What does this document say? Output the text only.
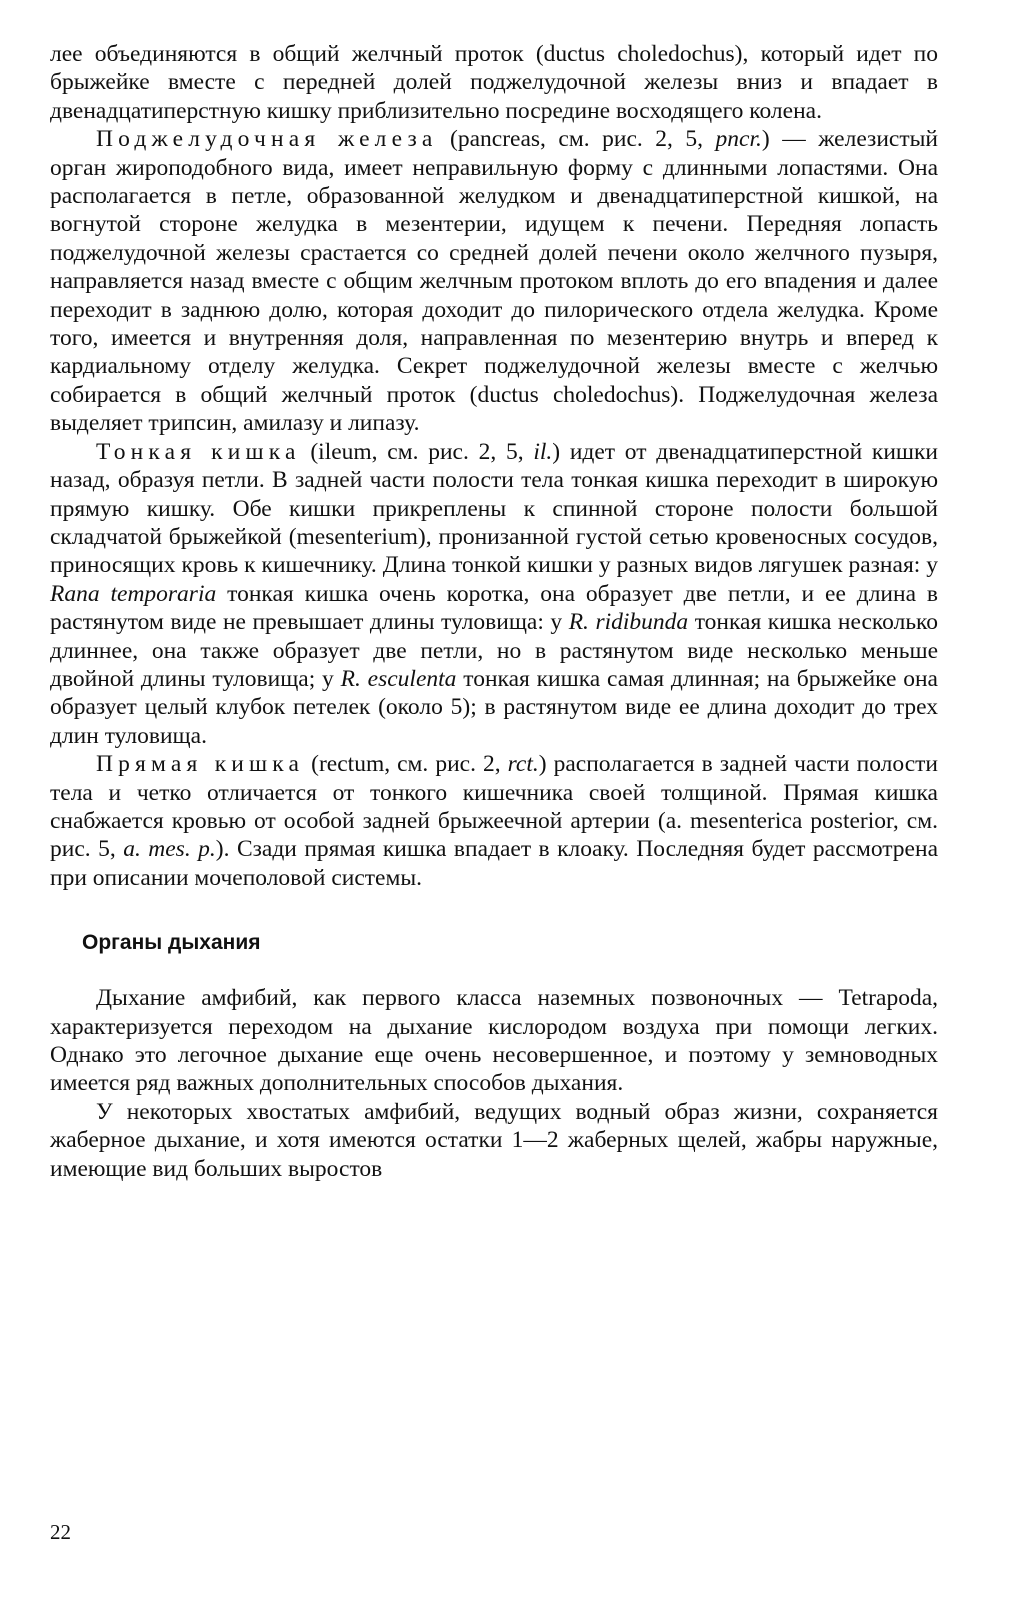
лее объединяются в общий желчный проток (ductus choledochus), который идет по брыжейке вместе с передней долей поджелудочной железы вниз и впадает в двенадцатиперстную кишку приблизительно посредине восходящего колена.

Поджелудочная железа (pancreas, см. рис. 2, 5, pncr.) — железистый орган жироподобного вида, имеет неправильную форму с длинными лопастями. Она располагается в петле, образованной желудком и двенадцатиперстной кишкой, на вогнутой стороне желудка в мезентерии, идущем к печени. Передняя лопасть поджелудочной железы срастается со средней долей печени около желчного пузыря, направляется назад вместе с общим желчным протоком вплоть до его впадения и далее переходит в заднюю долю, которая доходит до пилорического отдела желудка. Кроме того, имеется и внутренняя доля, направленная по мезентерию внутрь и вперед к кардиальному отделу желудка. Секрет поджелудочной железы вместе с желчью собирается в общий желчный проток (ductus choledochus). Поджелудочная железа выделяет трипсин, амилазу и липазу.

Тонкая кишка (ileum, см. рис. 2, 5, il.) идет от двенадцатиперстной кишки назад, образуя петли. В задней части полости тела тонкая кишка переходит в широкую прямую кишку. Обе кишки прикреплены к спинной стороне полости большой складчатой брыжейкой (mesenterium), пронизанной густой сетью кровеносных сосудов, приносящих кровь к кишечнику. Длина тонкой кишки у разных видов лягушек разная: у Rana temporaria тонкая кишка очень коротка, она образует две петли, и ее длина в растянутом виде не превышает длины туловища: у R. ridibunda тонкая кишка несколько длиннее, она также образует две петли, но в растянутом виде несколько меньше двойной длины туловища; у R. esculenta тонкая кишка самая длинная; на брыжейке она образует целый клубок петелек (около 5); в растянутом виде ее длина доходит до трех длин туловища.

Прямая кишка (rectum, см. рис. 2, rct.) располагается в задней части полости тела и четко отличается от тонкого кишечника своей толщиной. Прямая кишка снабжается кровью от особой задней брыжеечной артерии (a. mesenterica posterior, см. рис. 5, a. mes. p.). Сзади прямая кишка впадает в клоаку. Последняя будет рассмотрена при описании мочеполовой системы.

Органы дыхания

Дыхание амфибий, как первого класса наземных позвоночных — Tetrapoda, характеризуется переходом на дыхание кислородом воздуха при помощи легких. Однако это легочное дыхание еще очень несовершенное, и поэтому у земноводных имеется ряд важных дополнительных способов дыхания.

У некоторых хвостатых амфибий, ведущих водный образ жизни, сохраняется жаберное дыхание, и хотя имеются остатки 1—2 жаберных щелей, жабры наружные, имеющие вид больших выростов

22
